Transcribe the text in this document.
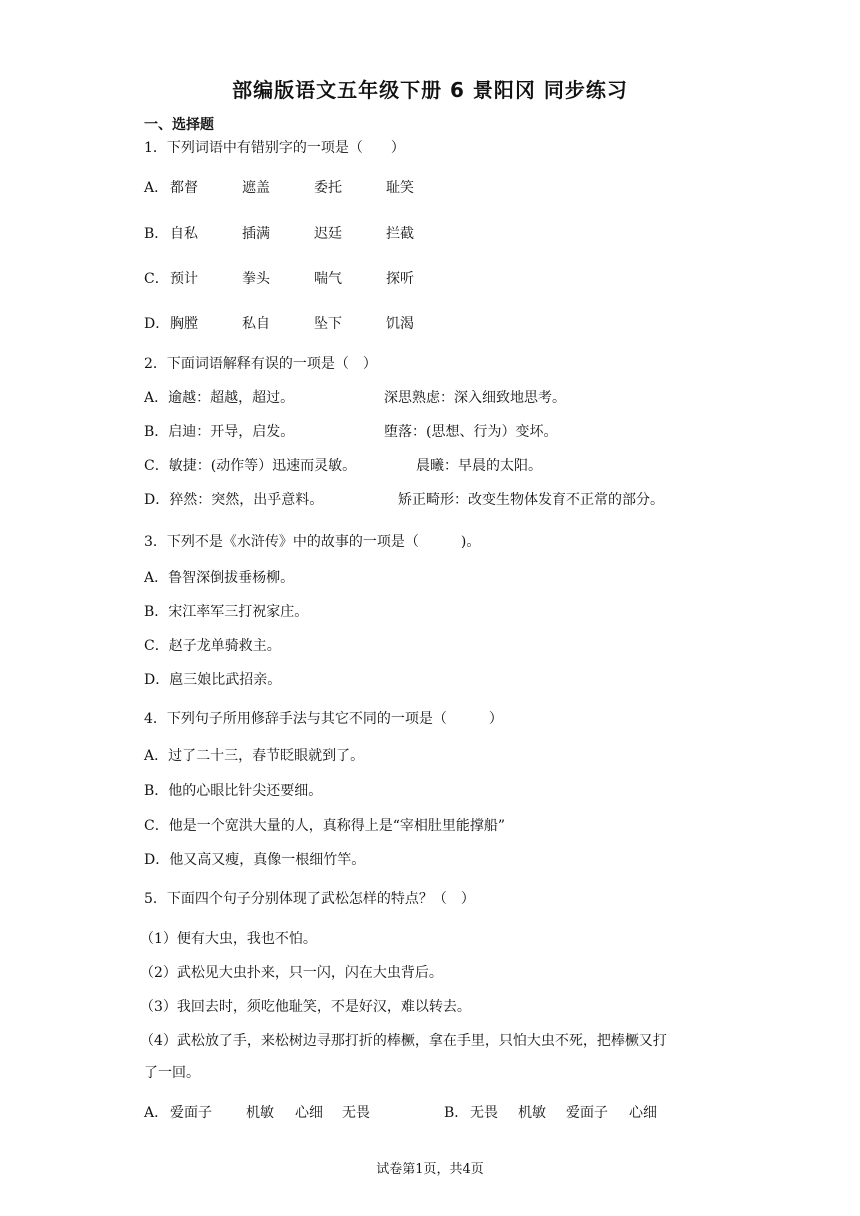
部编版语文五年级下册 6 景阳冈 同步练习
一、选择题
1．下列词语中有错别字的一项是（　　）
A． 都督	遮盖	委托	耻笑
B． 自私	插满	迟廷	拦截
C． 预计	拳头	喘气	探听
D． 胸膛	私自	坠下	饥渴
2．下面词语解释有误的一项是（　）
A．逾越：超越，超过。	深思熟虑：深入细致地思考。
B．启迪：开导，启发。	堕落：(思想、行为）变坏。
C．敏捷：(动作等）迅速而灵敏。	晨曦：早晨的太阳。
D．猝然：突然，出乎意料。	矫正畸形：改变生物体发育不正常的部分。
3．下列不是《水浒传》中的故事的一项是（　　　)。
A．鲁智深倒拔垂杨柳。
B．宋江率军三打祝家庄。
C．赵子龙单骑救主。
D．扈三娘比武招亲。
4．下列句子所用修辞手法与其它不同的一项是（　　　）
A．过了二十三，春节眨眼就到了。
B．他的心眼比针尖还要细。
C．他是一个宽洪大量的人，真称得上是“宰相肚里能撑船”
D．他又高又瘦，真像一根细竹竿。
5．下面四个句子分别体现了武松怎样的特点？（　）
（1）便有大虫，我也不怕。
（2）武松见大虫扑来，只一闪，闪在大虫背后。
（3）我回去时，须吃他耻笑，不是好汉，难以转去。
（4）武松放了手，来松树边寻那打折的棒橛，拿在手里，只怕大虫不死，把棒橛又打
了一回。
A． 爱面子 机敏 心细 无畏	B． 无畏 机敏 爱面子 心细
试卷第1页，共4页
